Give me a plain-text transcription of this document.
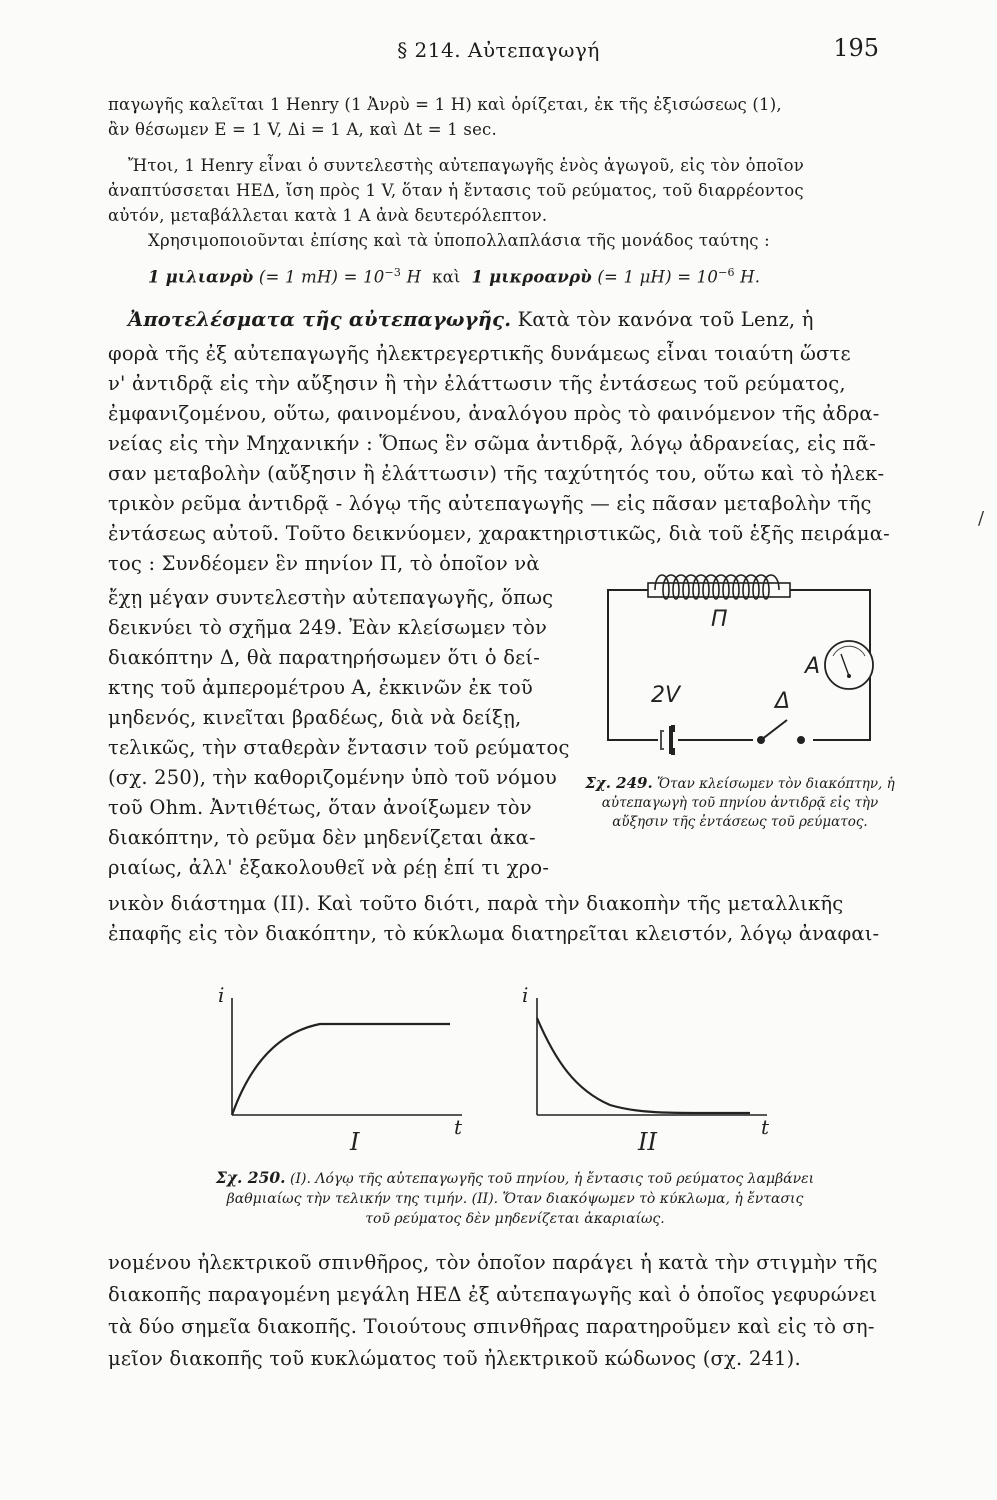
§ 214. Αὐτεπαγωγή	195
παγωγῆς καλεῖται 1 Henry (1 Ἀνρὺ = 1 H) καὶ ὁρίζεται, ἐκ τῆς ἐξισώσεως (1),
ἂν θέσωμεν E = 1 V, Δi = 1 A, καὶ Δt = 1 sec.
Ἤτοι, 1 Henry εἶναι ὁ συντελεστὴς αὐτεπαγωγῆς ἑνὸς ἀγωγοῦ, εἰς τὸν ὁποῖον
ἀναπτύσσεται ΗΕΔ, ἴση πρὸς 1 V, ὅταν ἡ ἔντασις τοῦ ρεύματος, τοῦ διαρρέοντος
αὐτόν, μεταβάλλεται κατὰ 1 A ἀνὰ δευτερόλεπτον.
Χρησιμοποιοῦνται ἐπίσης καὶ τὰ ὑποπολλαπλάσια τῆς μονάδος ταύτης :
1 μιλιανρὺ (= 1 $mH) = 10^{-3}$ H καὶ 1 μικροανρὺ (= 1 $\mu H) = 10^{-6}$ H.
Ἀποτελέσματα τῆς αὐτεπαγωγῆς. Κατὰ τὸν κανόνα τοῦ Lenz, ἡ
φορὰ τῆς ἐξ αὐτεπαγωγῆς ἠλεκτρεγερτικῆς δυνάμεως εἶναι τοιαύτη ὥστε
ν' ἀντιδρᾷ εἰς τὴν αὔξησιν ἢ τὴν ἐλάττωσιν τῆς ἐντάσεως τοῦ ρεύματος,
ἐμφανιζομένου, οὕτω, φαινομένου, ἀναλόγου πρὸς τὸ φαινόμενον τῆς ἀδρα-
νείας εἰς τὴν Μηχανικήν : Ὅπως ἓν σῶμα ἀντιδρᾷ, λόγῳ ἀδρανείας, εἰς πᾶ-
σαν μεταβολὴν (αὔξησιν ἢ ἐλάττωσιν) τῆς ταχύτητός του, οὕτω καὶ τὸ ἠλεκ-
τρικὸν ρεῦμα ἀντιδρᾷ - λόγῳ τῆς αὐτεπαγωγῆς — εἰς πᾶσαν μεταβολὴν τῆς
ἐντάσεως αὐτοῦ. Τοῦτο δεικνύομεν, χαρακτηριστικῶς, διὰ τοῦ ἑξῆς πειράμα-
τος : Συνδέομεν ἓν πηνίον Π, τὸ ὁποῖον νὰ
ἔχῃ μέγαν συντελεστὴν αὐτεπαγωγῆς, ὅπως
δεικνύει τὸ σχῆμα 249. Ἐὰν κλείσωμεν τὸν
διακόπτην Δ, θὰ παρατηρήσωμεν ὅτι ὁ δεί-
κτης τοῦ ἀμπερομέτρου A, ἐκκινῶν ἐκ τοῦ
μηδενός, κινεῖται βραδέως, διὰ νὰ δείξῃ,
τελικῶς, τὴν σταθερὰν ἔντασιν τοῦ ρεύματος
(σχ. 250), τὴν καθοριζομένην ὑπὸ τοῦ νόμου
τοῦ Ohm. Ἀντιθέτως, ὅταν ἀνοίξωμεν τὸν
διακόπτην, τὸ ρεῦμα δὲν μηδενίζεται ἀκα-
ριαίως, ἀλλ' ἐξακολουθεῖ νὰ ρέῃ ἐπί τι χρο-
νικὸν διάστημα (II). Καὶ τοῦτο διότι, παρὰ τὴν διακοπὴν τῆς μεταλλικῆς
ἐπαφῆς εἰς τὸν διακόπτην, τὸ κύκλωμα διατηρεῖται κλειστόν, λόγῳ ἀναφαι-
Π
A
2V	Δ
Σχ. 249. Ὅταν κλείσωμεν τὸν διακόπτην, ἡ αὐτεπαγωγὴ τοῦ πηνίου ἀντιδρᾷ εἰς τὴν αὔξησιν τῆς ἐντάσεως τοῦ ρεύματος.
i
t
I
i
t
II
Σχ. 250. (I). Λόγῳ τῆς αὐτεπαγωγῆς τοῦ πηνίου, ἡ ἔντασις τοῦ ρεύματος λαμβάνει βαθμιαίως τὴν τελικήν της τιμήν. (II). Ὅταν διακόψωμεν τὸ κύκλωμα, ἡ ἔντασις τοῦ ρεύματος δὲν μηδενίζεται ἀκαριαίως.
νομένου ἠλεκτρικοῦ σπινθῆρος, τὸν ὁποῖον παράγει ἡ κατὰ τὴν στιγμὴν τῆς
διακοπῆς παραγομένη μεγάλη ΗΕΔ ἐξ αὐτεπαγωγῆς καὶ ὁ ὁποῖος γεφυρώνει
τὰ δύο σημεῖα διακοπῆς. Τοιούτους σπινθῆρας παρατηροῦμεν καὶ εἰς τὸ ση-
μεῖον διακοπῆς τοῦ κυκλώματος τοῦ ἠλεκτρικοῦ κώδωνος (σχ. 241).
/
